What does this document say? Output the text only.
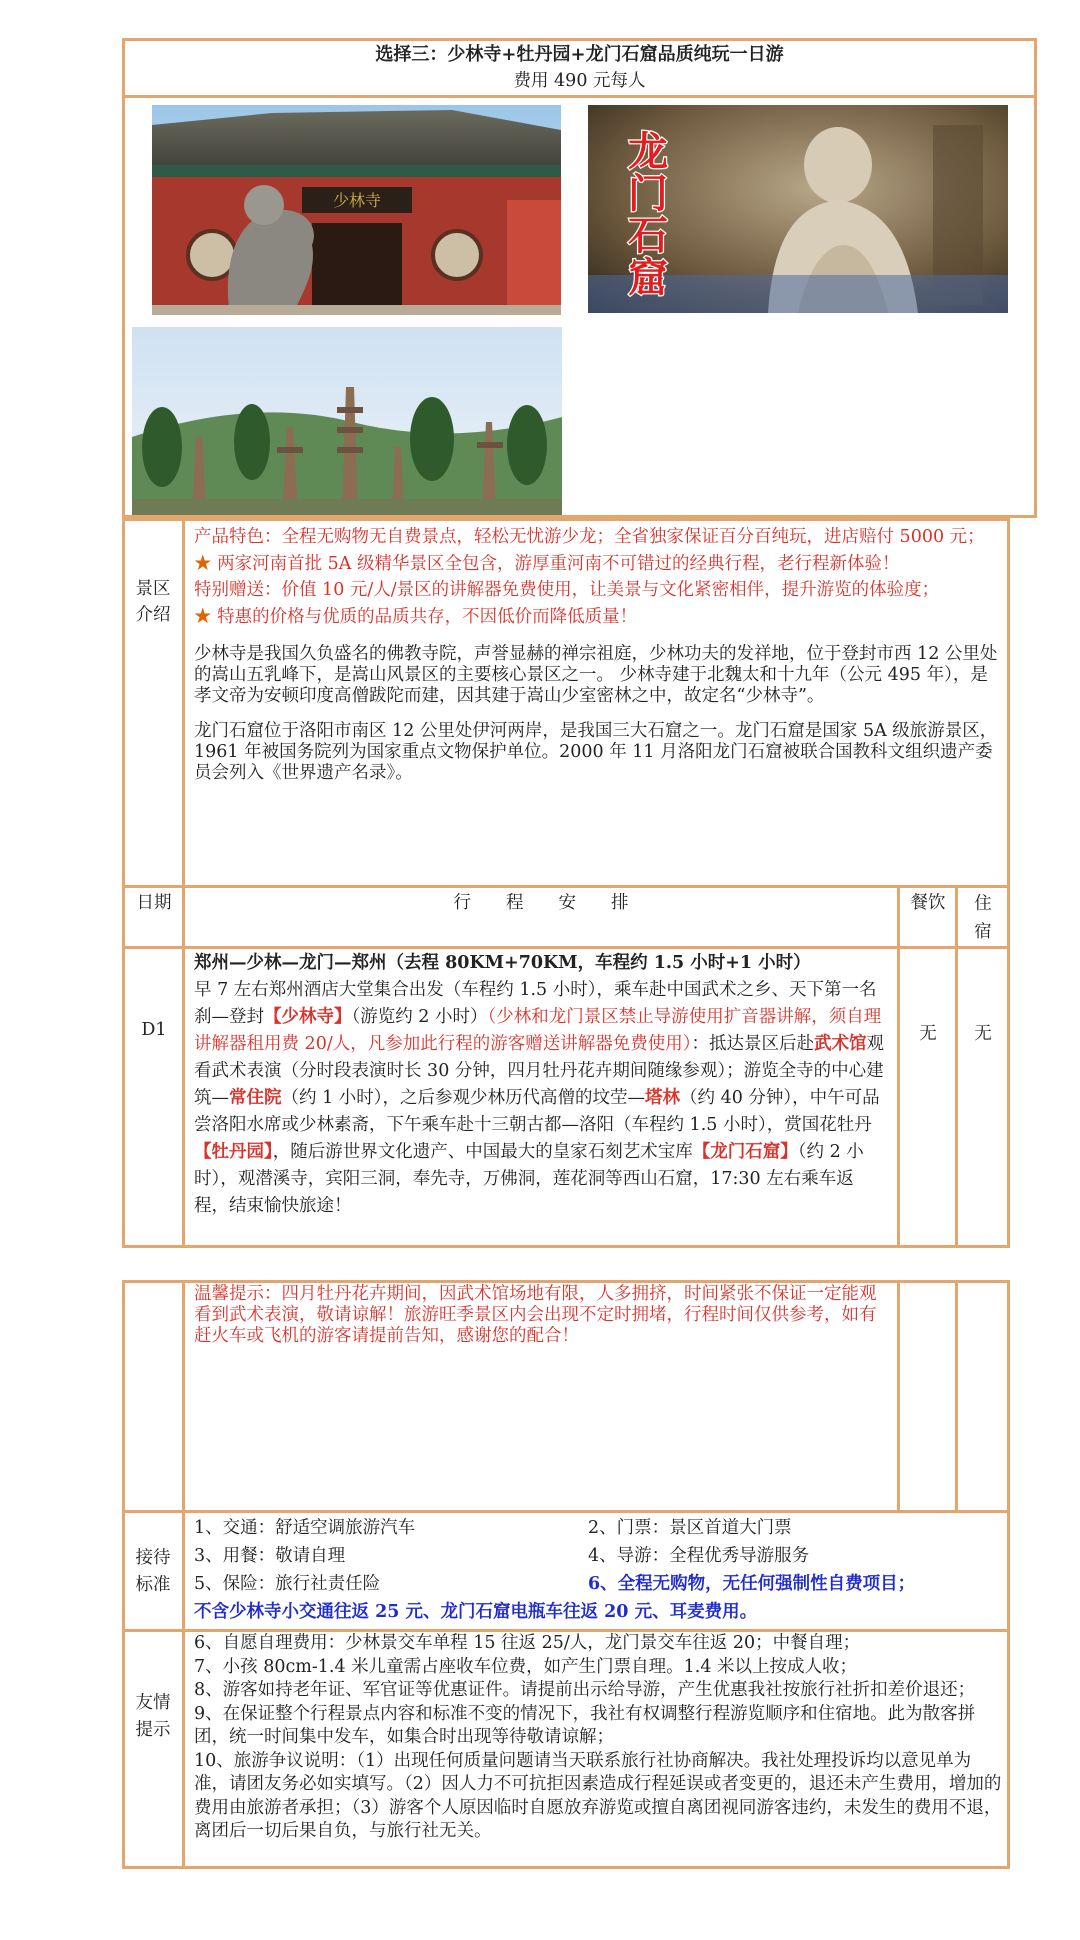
选择三：少林寺+牡丹园+龙门石窟品质纯玩一日游
费用 490 元每人
少林寺
龙
门
石
窟
景区介绍

产品特色：全程无购物无自费景点，轻松无忧游少龙；全省独家保证百分百纯玩，进店赔付 5000 元；

★ 两家河南首批 5A 级精华景区全包含，游厚重河南不可错过的经典行程，老行程新体验！

特别赠送：价值 10 元/人/景区的讲解器免费使用，让美景与文化紧密相伴，提升游览的体验度；

★ 特惠的价格与优质的品质共存，不因低价而降低质量！

少林寺是我国久负盛名的佛教寺院，声誉显赫的禅宗祖庭，少林功夫的发祥地，位于登封市西 12 公里处的嵩山五乳峰下，是嵩山风景区的主要核心景区之一。 少林寺建于北魏太和十九年（公元 495 年），是孝文帝为安顿印度高僧跋陀而建，因其建于嵩山少室密林之中，故定名“少林寺”。

龙门石窟位于洛阳市南区 12 公里处伊河两岸，是我国三大石窟之一。龙门石窟是国家 5A 级旅游景区，1961 年被国务院列为国家重点文物保护单位。2000 年 11 月洛阳龙门石窟被联合国教科文组织遗产委员会列入《世界遗产名录》。

日期	行　　程　　安　　排	餐饮	住宿
D1

郑州—少林—龙门—郑州（去程 80KM+70KM，车程约 1.5 小时+1 小时）

早 7 左右郑州酒店大堂集合出发（车程约 1.5 小时），乘车赴中国武术之乡、天下第一名刹—登封【少林寺】（游览约 2 小时）（少林和龙门景区禁止导游使用扩音器讲解，须自理讲解器租用费 20/人，凡参加此行程的游客赠送讲解器免费使用）：抵达景区后赴武术馆观看武术表演（分时段表演时长 30 分钟，四月牡丹花卉期间随缘参观）；游览全寺的中心建筑—常住院（约 1 小时），之后参观少林历代高僧的坟茔—塔林（约 40 分钟），中午可品尝洛阳水席或少林素斋，下午乘车赴十三朝古都—洛阳（车程约 1.5 小时），赏国花牡丹【牡丹园】，随后游世界文化遗产、中国最大的皇家石刻艺术宝库【龙门石窟】（约 2 小时），观潜溪寺，宾阳三洞，奉先寺，万佛洞，莲花洞等西山石窟，17:30 左右乘车返程，结束愉快旅途！

无	无
温馨提示：四月牡丹花卉期间，因武术馆场地有限，人多拥挤，时间紧张不保证一定能观看到武术表演，敬请谅解！旅游旺季景区内会出现不定时拥堵，行程时间仅供参考，如有赶火车或飞机的游客请提前告知，感谢您的配合！
接待标准
1、交通：舒适空调旅游汽车	2、门票：景区首道大门票
3、用餐：敬请自理	4、导游：全程优秀导游服务
5、保险：旅行社责任险	6、全程无购物，无任何强制性自费项目；
不含少林寺小交通往返 25 元、龙门石窟电瓶车往返 20 元、耳麦费用。
友情提示

6、自愿自理费用：少林景交车单程 15 往返 25/人，龙门景交车往返 20；中餐自理；

7、小孩 80cm-1.4 米儿童需占座收车位费，如产生门票自理。1.4 米以上按成人收；

8、游客如持老年证、军官证等优惠证件。请提前出示给导游，产生优惠我社按旅行社折扣差价退还；

9、在保证整个行程景点内容和标准不变的情况下，我社有权调整行程游览顺序和住宿地。此为散客拼团，统一时间集中发车，如集合时出现等待敬请谅解；

10、旅游争议说明：（1）出现任何质量问题请当天联系旅行社协商解决。我社处理投诉均以意见单为准，请团友务必如实填写。（2）因人力不可抗拒因素造成行程延误或者变更的，退还未产生费用，增加的费用由旅游者承担；（3）游客个人原因临时自愿放弃游览或擅自离团视同游客违约，未发生的费用不退，离团后一切后果自负，与旅行社无关。
